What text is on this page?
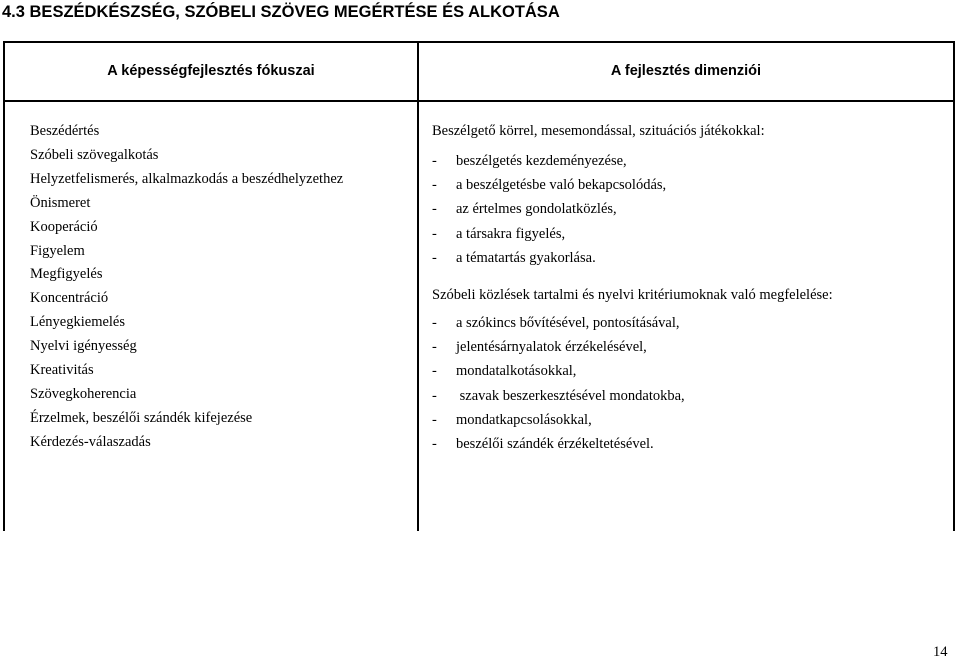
4.3 BESZÉDKÉSZSÉG, SZÓBELI SZÖVEG MEGÉRTÉSE ÉS ALKOTÁSA
A képességfejlesztés fókuszai	A fejlesztés dimenziói
Beszédértés
Szóbeli szövegalkotás
Helyzetfelismerés, alkalmazkodás a beszédhelyzethez
Önismeret
Kooperáció
Figyelem
Megfigyelés
Koncentráció
Lényegkiemelés
Nyelvi igényesség
Kreativitás
Szövegkoherencia
Érzelmek, beszélői szándék kifejezése
Kérdezés-válaszadás
Beszélgető körrel, mesemondással, szituációs játékokkal:
- beszélgetés kezdeményezése,
- a beszélgetésbe való bekapcsolódás,
- az értelmes gondolatközlés,
- a társakra figyelés,
- a tématartás gyakorlása.
Szóbeli közlések tartalmi és nyelvi kritériumoknak való megfelelése:
- a szókincs bővítésével, pontosításával,
- jelentésárnyalatok érzékelésével,
- mondatalkotásokkal,
- szavak beszerkesztésével mondatokba,
- mondatkapcsolásokkal,
- beszélői szándék érzékeltetésével.
14
